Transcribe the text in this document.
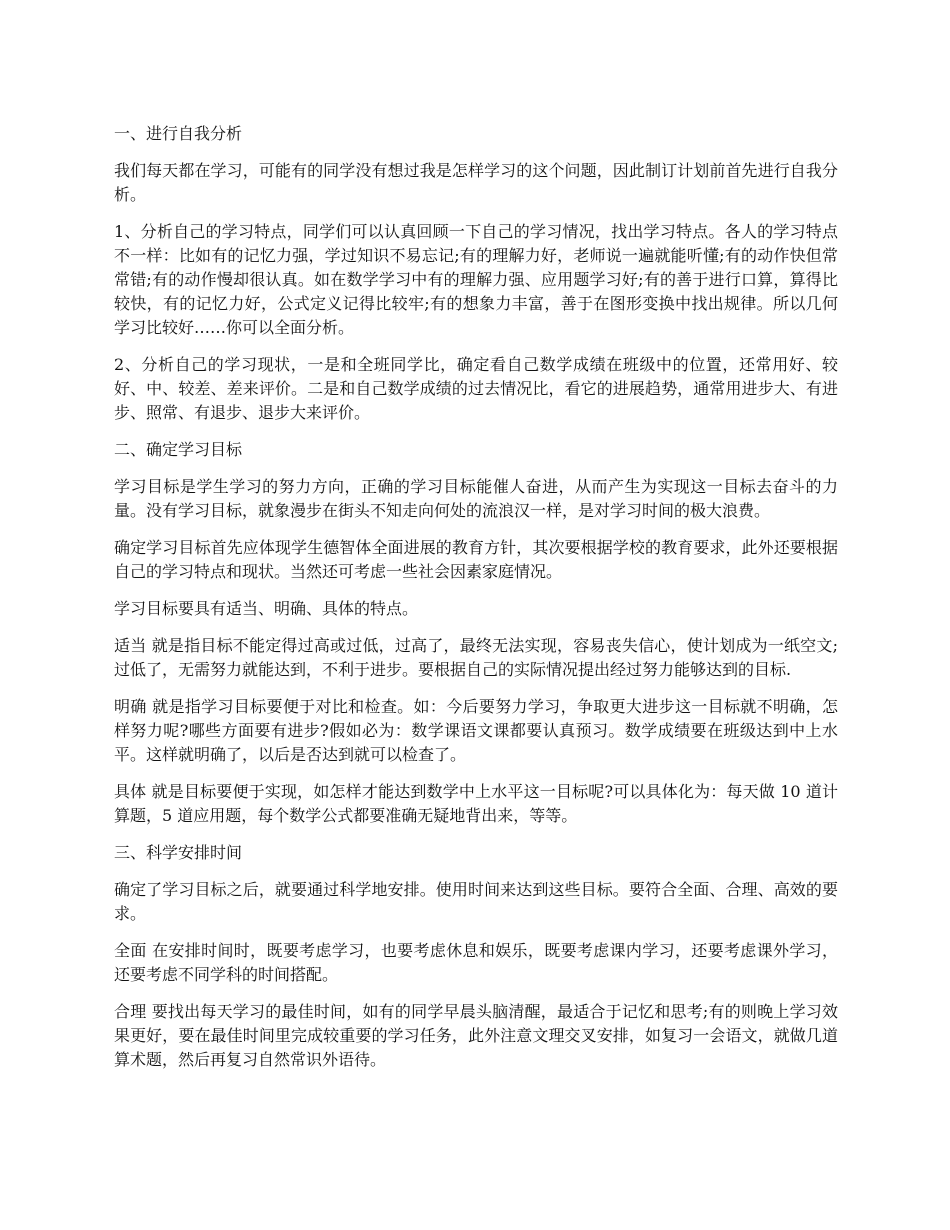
一、进行自我分析

我们每天都在学习，可能有的同学没有想过我是怎样学习的这个问题，因此制订计划前首先进行自我分析。

1、分析自己的学习特点，同学们可以认真回顾一下自己的学习情况，找出学习特点。各人的学习特点不一样：比如有的记忆力强，学过知识不易忘记;有的理解力好，老师说一遍就能听懂;有的动作快但常常错;有的动作慢却很认真。如在数学学习中有的理解力强、应用题学习好;有的善于进行口算，算得比较快，有的记忆力好，公式定义记得比较牢;有的想象力丰富，善于在图形变换中找出规律。所以几何学习比较好……你可以全面分析。

2、分析自己的学习现状，一是和全班同学比，确定看自己数学成绩在班级中的位置，还常用好、较好、中、较差、差来评价。二是和自己数学成绩的过去情况比，看它的进展趋势，通常用进步大、有进步、照常、有退步、退步大来评价。

二、确定学习目标

学习目标是学生学习的努力方向，正确的学习目标能催人奋进，从而产生为实现这一目标去奋斗的力量。没有学习目标，就象漫步在街头不知走向何处的流浪汉一样，是对学习时间的极大浪费。

确定学习目标首先应体现学生德智体全面进展的教育方针，其次要根据学校的教育要求，此外还要根据自己的学习特点和现状。当然还可考虑一些社会因素家庭情况。

学习目标要具有适当、明确、具体的特点。

适当 就是指目标不能定得过高或过低，过高了，最终无法实现，容易丧失信心，使计划成为一纸空文;过低了，无需努力就能达到，不利于进步。要根据自己的实际情况提出经过努力能够达到的目标.

明确 就是指学习目标要便于对比和检查。如：今后要努力学习，争取更大进步这一目标就不明确，怎样努力呢?哪些方面要有进步?假如必为：数学课语文课都要认真预习。数学成绩要在班级达到中上水平。这样就明确了，以后是否达到就可以检查了。

具体 就是目标要便于实现，如怎样才能达到数学中上水平这一目标呢?可以具体化为：每天做 10 道计算题，5 道应用题，每个数学公式都要准确无疑地背出来，等等。

三、科学安排时间

确定了学习目标之后，就要通过科学地安排。使用时间来达到这些目标。要符合全面、合理、高效的要求。

全面 在安排时间时，既要考虑学习，也要考虑休息和娱乐，既要考虑课内学习，还要考虑课外学习，还要考虑不同学科的时间搭配。

合理 要找出每天学习的最佳时间，如有的同学早晨头脑清醒，最适合于记忆和思考;有的则晚上学习效果更好，要在最佳时间里完成较重要的学习任务，此外注意文理交叉安排，如复习一会语文，就做几道算术题，然后再复习自然常识外语待。
